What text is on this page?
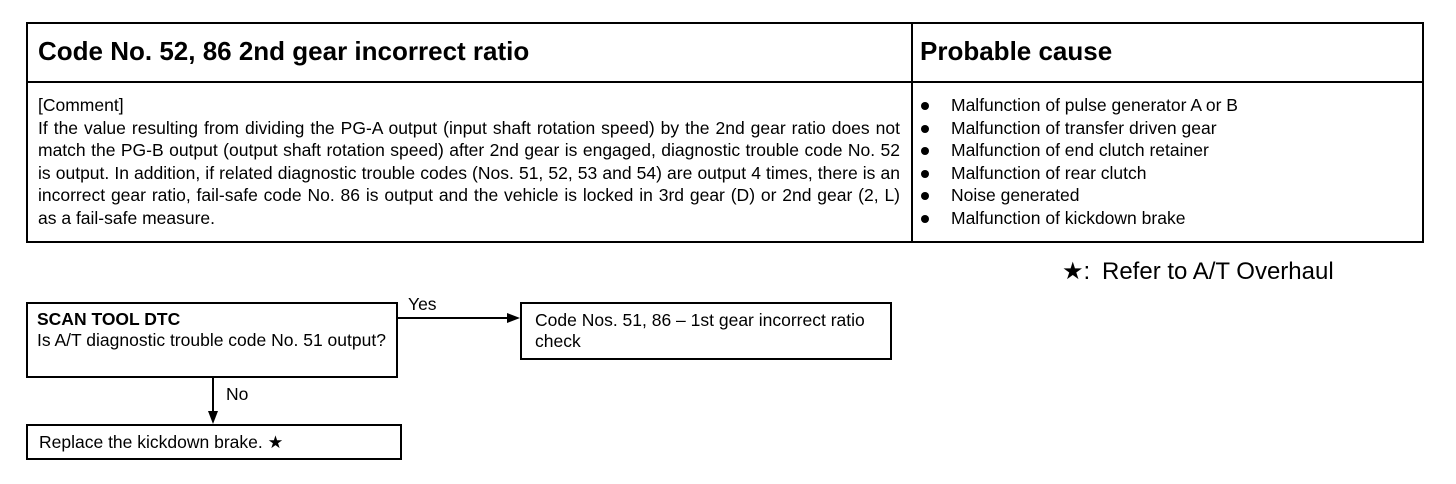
Code No. 52, 86 2nd gear incorrect ratio	Probable cause
[Comment]
If the value resulting from dividing the PG-A output (input shaft rotation speed) by the 2nd gear ratio does not match the PG-B output (output shaft rotation speed) after 2nd gear is engaged, diagnostic trouble code No. 52 is output. In addition, if related diagnostic trouble codes (Nos. 51, 52, 53 and 54) are output 4 times, there is an incorrect gear ratio, fail-safe code No. 86 is output and the vehicle is locked in 3rd gear (D) or 2nd gear (2, L) as a fail-safe measure.
Malfunction of pulse generator A or B
Malfunction of transfer driven gear
Malfunction of end clutch retainer
Malfunction of rear clutch
Noise generated
Malfunction of kickdown brake
★: Refer to A/T Overhaul
Yes
No
SCAN TOOL DTC
Is A/T diagnostic trouble code No. 51 output?
Code Nos. 51, 86 – 1st gear incorrect ratio check
Replace the kickdown brake. ★
